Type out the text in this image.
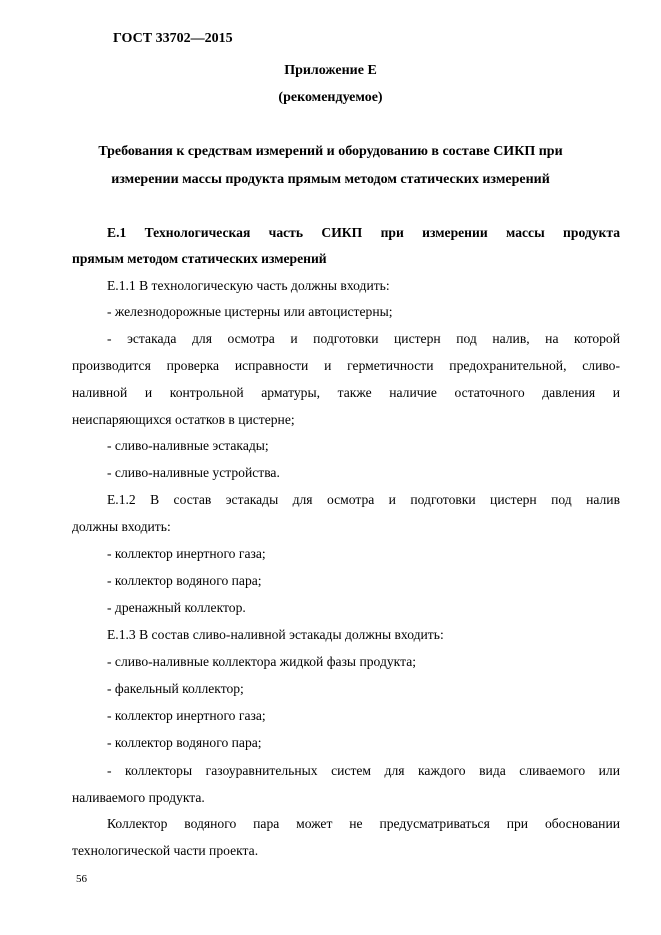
ГОСТ 33702—2015
Приложение Е
(рекомендуемое)
Требования к средствам измерений и оборудованию в составе СИКП при
измерении массы продукта прямым методом статических измерений
Е.1 Технологическая часть СИКП при измерении массы продукта
прямым методом статических измерений
Е.1.1 В технологическую часть должны входить:
- железнодорожные цистерны или автоцистерны;
- эстакада для осмотра и подготовки цистерн под налив, на которой
производится проверка исправности и герметичности предохранительной, сливо-
наливной и контрольной арматуры, также наличие остаточного давления и
неиспаряющихся остатков в цистерне;
- сливо-наливные эстакады;
- сливо-наливные устройства.
Е.1.2 В состав эстакады для осмотра и подготовки цистерн под налив
должны входить:
- коллектор инертного газа;
- коллектор водяного пара;
- дренажный коллектор.
Е.1.3 В состав сливо-наливной эстакады должны входить:
- сливо-наливные коллектора жидкой фазы продукта;
- факельный коллектор;
- коллектор инертного газа;
- коллектор водяного пара;
- коллекторы газоуравнительных систем для каждого вида сливаемого или
наливаемого продукта.
Коллектор водяного пара может не предусматриваться при обосновании
технологической части проекта.
56
